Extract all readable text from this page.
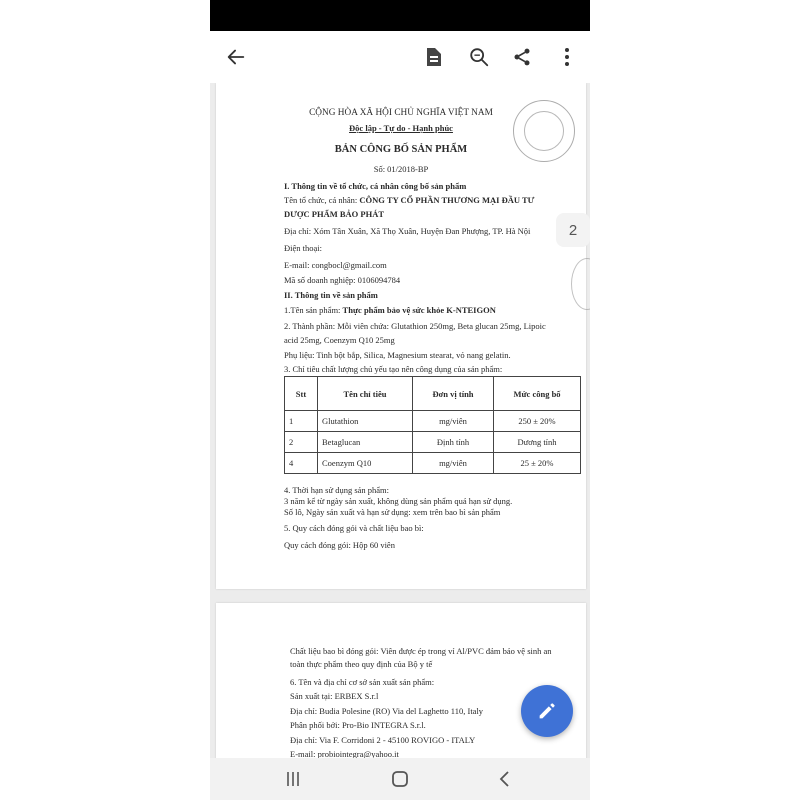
CỘNG HÒA XÃ HỘI CHỦ NGHĨA VIỆT NAM
Độc lập - Tự do - Hạnh phúc
BẢN CÔNG BỐ SẢN PHẨM
Số: 01/2018-BP
I. Thông tin về tổ chức, cá nhân công bố sản phẩm
Tên tổ chức, cá nhân: CÔNG TY CỔ PHẦN THƯƠNG MẠI ĐẦU TƯ
DƯỢC PHẨM BẢO PHÁT
Địa chỉ: Xóm Tân Xuân, Xã Thọ Xuân, Huyện Đan Phượng, TP. Hà Nội
Điện thoại:
E-mail: congbocl@gmail.com
Mã số doanh nghiệp: 0106094784
II. Thông tin về sản phẩm
1.Tên sản phẩm: Thực phẩm bảo vệ sức khỏe K-NTEIGON
2. Thành phần: Mỗi viên chứa: Glutathion 250mg, Beta glucan 25mg, Lipoic
acid 25mg, Coenzym Q10 25mg
Phụ liệu: Tinh bột bắp, Silica, Magnesium stearat, vỏ nang gelatin.
3. Chỉ tiêu chất lượng chủ yếu tạo nên công dụng của sản phẩm:
Stt	Tên chỉ tiêu	Đơn vị tính	Mức công bố
1	Glutathion	mg/viên	250 ± 20%
2	Betaglucan	Định tính	Dương tính
4	Coenzym Q10	mg/viên	25 ± 20%
4. Thời hạn sử dụng sản phẩm:
3 năm kể từ ngày sản xuất, không dùng sản phẩm quá hạn sử dụng.
Số lô, Ngày sản xuất và hạn sử dụng: xem trên bao bì sản phẩm
5. Quy cách đóng gói và chất liệu bao bì:
Quy cách đóng gói: Hộp 60 viên
Chất liệu bao bì đóng gói: Viên được ép trong vỉ Al/PVC đảm bảo vệ sinh an
toàn thực phẩm theo quy định của Bộ y tế
6. Tên và địa chỉ cơ sở sản xuất sản phẩm:
Sản xuất tại: ERBEX S.r.l
Địa chỉ: Budia Polesine (RO) Via del Laghetto 110, Italy
Phân phối bởi: Pro-Bio INTEGRA S.r.l.
Địa chỉ: Via F. Corridoni 2 - 45100 ROVIGO - ITALY
E-mail: probiointegra@yahoo.it
2
